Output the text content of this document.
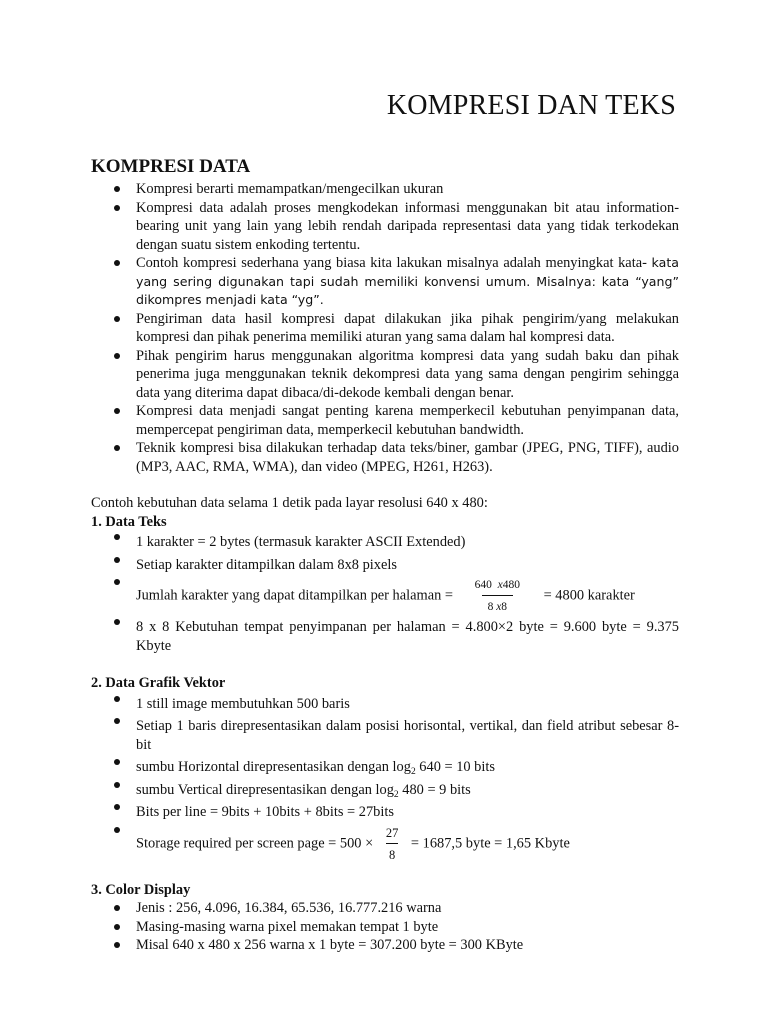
KOMPRESI DAN TEKS
KOMPRESI DATA
Kompresi berarti memampatkan/mengecilkan ukuran
Kompresi data adalah proses mengkodekan informasi menggunakan bit atau information-bearing unit yang lain yang lebih rendah daripada representasi data yang tidak terkodekan dengan suatu sistem enkoding tertentu.
Contoh kompresi sederhana yang biasa kita lakukan misalnya adalah menyingkat kata- kata yang sering digunakan tapi sudah memiliki konvensi umum. Misalnya: kata “yang” dikompres menjadi kata “yg”.
Pengiriman data hasil kompresi dapat dilakukan jika pihak pengirim/yang melakukan kompresi dan pihak penerima memiliki aturan yang sama dalam hal kompresi data.
Pihak pengirim harus menggunakan algoritma kompresi data yang sudah baku dan pihak penerima juga menggunakan teknik dekompresi data yang sama dengan pengirim sehingga data yang diterima dapat dibaca/di-dekode kembali dengan benar.
Kompresi data menjadi sangat penting karena memperkecil kebutuhan penyimpanan data, mempercepat pengiriman data, memperkecil kebutuhan bandwidth.
Teknik kompresi bisa dilakukan terhadap data teks/biner, gambar (JPEG, PNG, TIFF), audio (MP3, AAC, RMA, WMA), dan video (MPEG, H261, H263).
Contoh kebutuhan data selama 1 detik pada layar resolusi 640 x 480:
1. Data Teks
1 karakter = 2 bytes (termasuk karakter ASCII Extended)
Setiap karakter ditampilkan dalam 8x8 pixels
Jumlah karakter yang dapat ditampilkan per halaman = $\frac{640 x480}{8 x8} = 4800$ karakter
8 x 8 Kebutuhan tempat penyimpanan per halaman = 4.800×2 byte = 9.600 byte = 9.375 Kbyte
2. Data Grafik Vektor
1 still image membutuhkan 500 baris
Setiap 1 baris direpresentasikan dalam posisi horisontal, vertikal, dan field atribut sebesar 8-bit
sumbu Horizontal direpresentasikan dengan $\log_2 640 = 10$ bits
sumbu Vertical direpresentasikan dengan $\log_2 480 = 9$ bits
Bits per line = 9bits + 10bits + 8bits = 27bits
Storage required per screen page = $500 \times \frac{27}{8} = 1687,5$ byte = 1,65 Kbyte
3. Color Display
Jenis : 256, 4.096, 16.384, 65.536, 16.777.216 warna
Masing-masing warna pixel memakan tempat 1 byte
Misal 640 x 480 x 256 warna x 1 byte = 307.200 byte = 300 KByte
